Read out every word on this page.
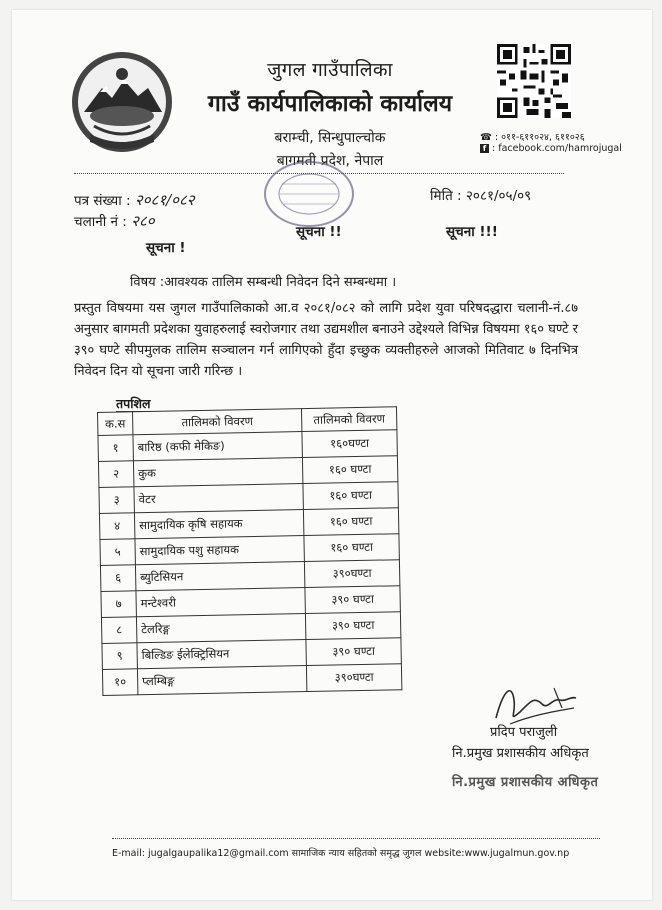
जुगल गाउँपालिका
गाउँ कार्यपालिकाको कार्यालय
बराम्ची, सिन्धुपाल्चोक
बागमती प्रदेश, नेपाल
☎ : ०११-६११०२४, ६११०२६
f : facebook.com/hamrojugal
पत्र संख्या : २०८१/०८२
चलानी नं : २८०
मिति : २०८१/०५/०९
सूचना !
सूचना !!	सूचना !!!
विषय :आवश्यक तालिम सम्बन्धी निवेदन दिने सम्बन्धमा ।
प्रस्तुत विषयमा यस जुगल गाउँपालिकाको आ.व २०८१/०८२ को लागि प्रदेश युवा परिषदद्धारा चलानी-नं.८७ अनुसार बागमती प्रदेशका युवाहरुलाई स्वरोजगार तथा उद्यमशील बनाउने उद्देश्यले विभिन्न विषयमा १६० घण्टे र ३९० घण्टे सीपमुलक तालिम सञ्चालन गर्न लागिएको हुँदा इच्छुक व्यक्तीहरुले आजको मितिवाट ७ दिनभित्र निवेदन दिन यो सूचना जारी गरिन्छ ।
तपशिल
क.स	तालिमको विवरण	तालिमको विवरण
१	बारिष्ठ (कफी मेकिङ)	१६०घण्टा
२	कुक	१६० घण्टा
३	वेटर	१६० घण्टा
४	सामुदायिक कृषि सहायक	१६० घण्टा
५	सामुदायिक पशु सहायक	१६० घण्टा
६	ब्युटिसियन	३९०घण्टा
७	मन्टेश्वरी	३९० घण्टा
८	टेलरिङ्ग	३९० घण्टा
९	बिल्डिङ ईलेक्ट्रिसियन	३९० घण्टा
१०	प्लम्बिङ्ग	३९०घण्टा
प्रदिप पराजुली
नि.प्रमुख प्रशासकीय अधिकृत
नि.प्रमुख प्रशासकीय अधिकृत
E-mail: jugalgaupalika12@gmail.com सामाजिक न्याय सहितको समृद्ध जुगल website:www.jugalmun.gov.np
